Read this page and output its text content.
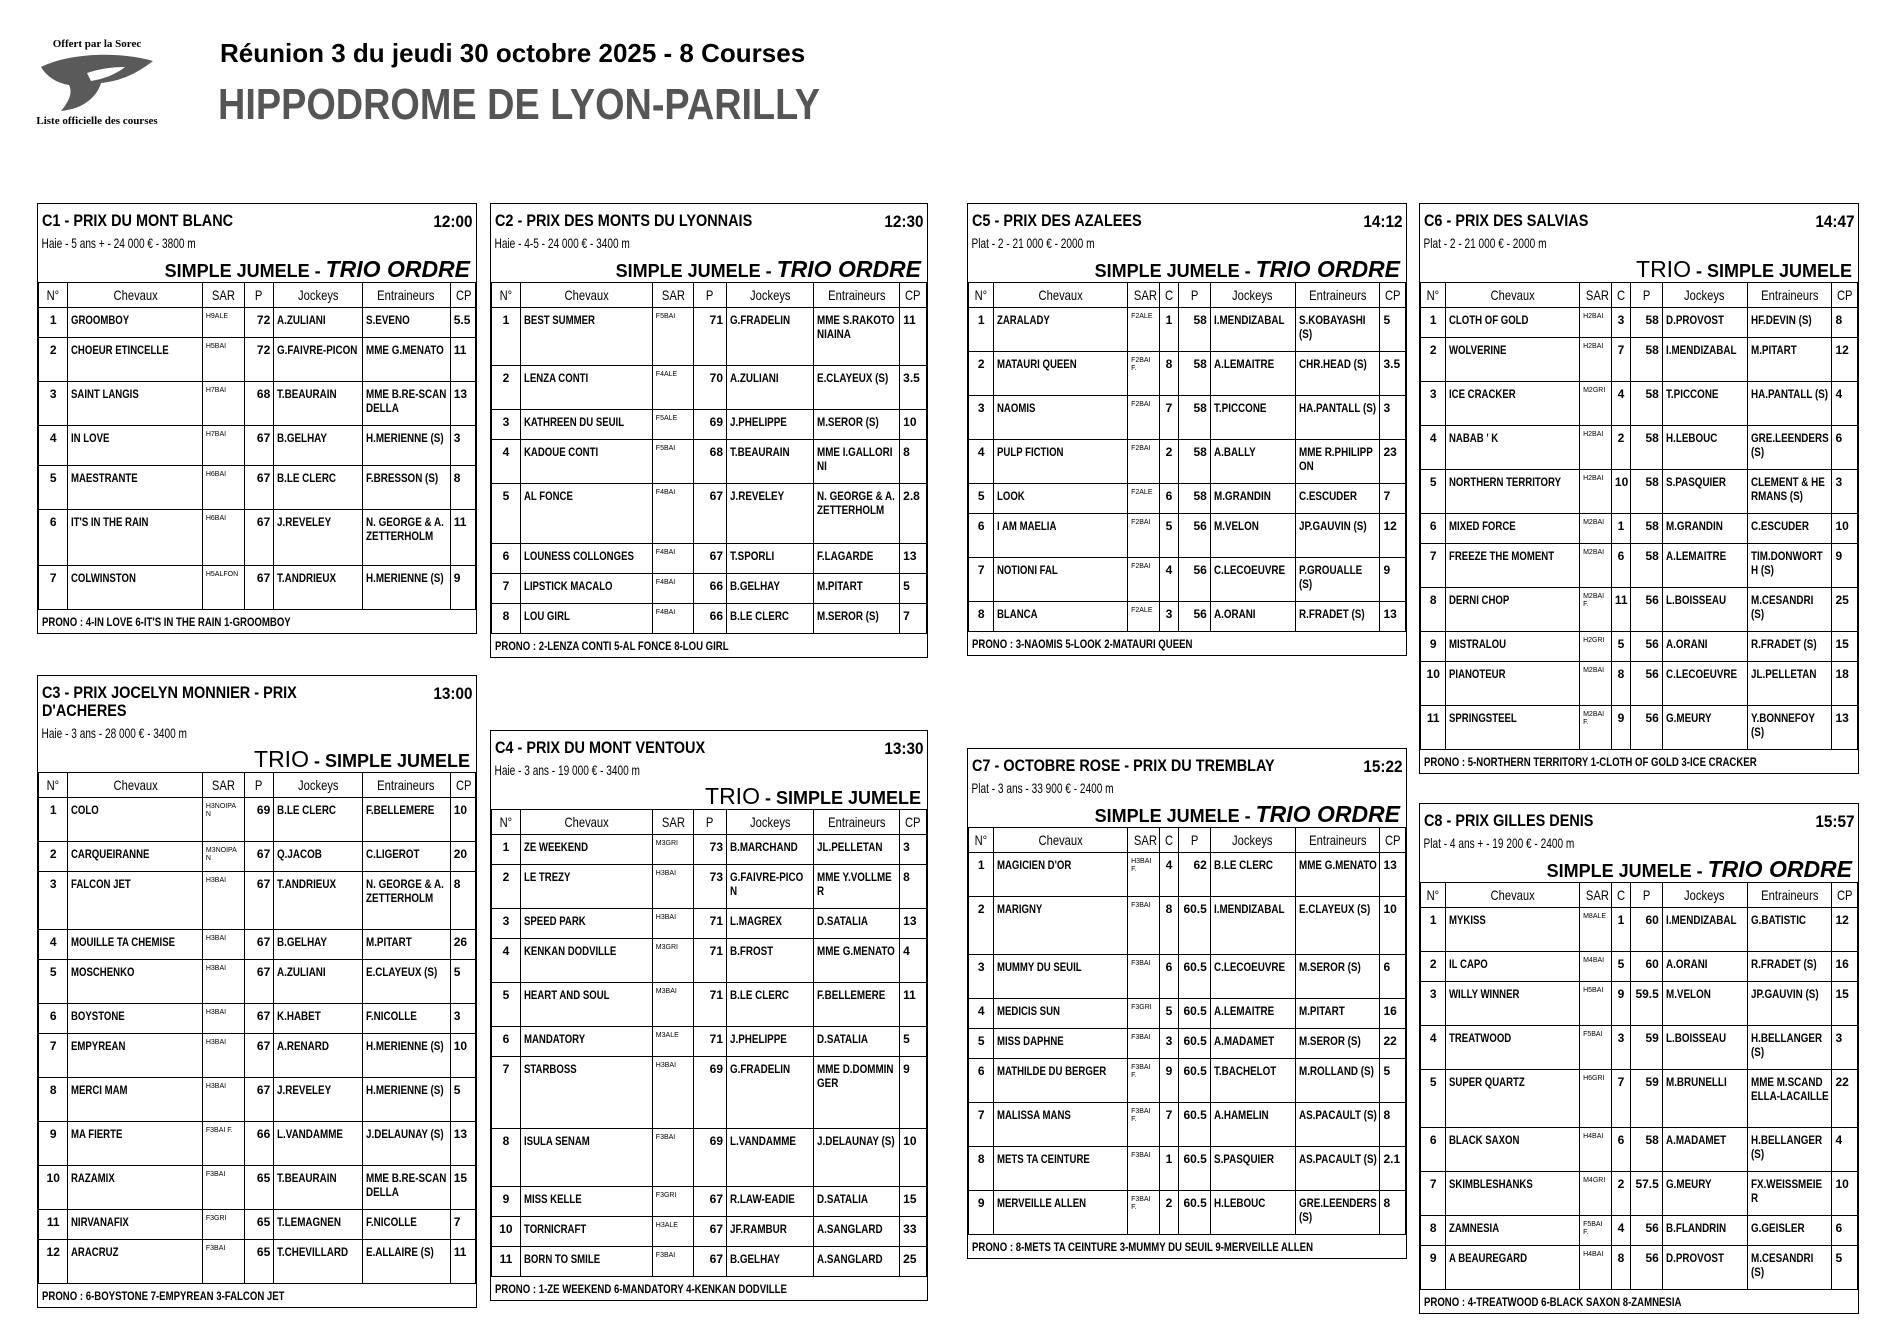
Offert par la Sorec
Liste officielle des courses
Réunion 3 du jeudi 30 octobre 2025 - 8 Courses
HIPPODROME DE LYON-PARILLY
C1 - PRIX DU MONT BLANC	12:00
Haie - 5 ans + - 24 000 € - 3800 m
SIMPLE JUMELE - TRIO ORDRE
N°	Chevaux	SAR	P	Jockeys	Entraineurs	CP
1	GROOMBOY	H9ALE	72	A.ZULIANI	S.EVENO	5.5
2	CHOEUR ETINCELLE	H5BAI	72	G.FAIVRE-PICON	MME G.MENATO	11
3	SAINT LANGIS	H7BAI	68	T.BEAURAIN	MME B.RE-SCANDELLA	13
4	IN LOVE	H7BAI	67	B.GELHAY	H.MERIENNE (S)	3
5	MAESTRANTE	H6BAI	67	B.LE CLERC	F.BRESSON (S)	8
6	IT'S IN THE RAIN	H6BAI	67	J.REVELEY	N. GEORGE & A. ZETTERHOLM	11
7	COLWINSTON	H5ALFON	67	T.ANDRIEUX	H.MERIENNE (S)	9
PRONO : 4-IN LOVE 6-IT'S IN THE RAIN 1-GROOMBOY
C2 - PRIX DES MONTS DU LYONNAIS	12:30
Haie - 4-5 - 24 000 € - 3400 m
SIMPLE JUMELE - TRIO ORDRE
N°	Chevaux	SAR	P	Jockeys	Entraineurs	CP
1	BEST SUMMER	F5BAI	71	G.FRADELIN	MME S.RAKOTONIAINA	11
2	LENZA CONTI	F4ALE	70	A.ZULIANI	E.CLAYEUX (S)	3.5
3	KATHREEN DU SEUIL	F5ALE	69	J.PHELIPPE	M.SEROR (S)	10
4	KADOUE CONTI	F5BAI	68	T.BEAURAIN	MME I.GALLORINI	8
5	AL FONCE	F4BAI	67	J.REVELEY	N. GEORGE & A. ZETTERHOLM	2.8
6	LOUNESS COLLONGES	F4BAI	67	T.SPORLI	F.LAGARDE	13
7	LIPSTICK MACALO	F4BAI	66	B.GELHAY	M.PITART	5
8	LOU GIRL	F4BAI	66	B.LE CLERC	M.SEROR (S)	7
PRONO : 2-LENZA CONTI 5-AL FONCE 8-LOU GIRL
C3 - PRIX JOCELYN MONNIER - PRIX D'ACHERES
13:00
Haie - 3 ans - 28 000 € - 3400 m
TRIO - SIMPLE JUMELE
N°	Chevaux	SAR	P	Jockeys	Entraineurs	CP
1	COLO	H3NOIPAN	69	B.LE CLERC	F.BELLEMERE	10
2	CARQUEIRANNE	M3NOIPAN	67	Q.JACOB	C.LIGEROT	20
3	FALCON JET	H3BAI	67	T.ANDRIEUX	N. GEORGE & A. ZETTERHOLM	8
4	MOUILLE TA CHEMISE	H3BAI	67	B.GELHAY	M.PITART	26
5	MOSCHENKO	H3BAI	67	A.ZULIANI	E.CLAYEUX (S)	5
6	BOYSTONE	H3BAI	67	K.HABET	F.NICOLLE	3
7	EMPYREAN	H3BAI	67	A.RENARD	H.MERIENNE (S)	10
8	MERCI MAM	H3BAI	67	J.REVELEY	H.MERIENNE (S)	5
9	MA FIERTE	F3BAI F.	66	L.VANDAMME	J.DELAUNAY (S)	13
10	RAZAMIX	F3BAI	65	T.BEAURAIN	MME B.RE-SCANDELLA	15
11	NIRVANAFIX	F3GRI	65	T.LEMAGNEN	F.NICOLLE	7
12	ARACRUZ	F3BAI	65	T.CHEVILLARD	E.ALLAIRE (S)	11
PRONO : 6-BOYSTONE 7-EMPYREAN 3-FALCON JET
C4 - PRIX DU MONT VENTOUX	13:30
Haie - 3 ans - 19 000 € - 3400 m
TRIO - SIMPLE JUMELE
N°	Chevaux	SAR	P	Jockeys	Entraineurs	CP
1	ZE WEEKEND	M3GRI	73	B.MARCHAND	JL.PELLETAN	3
2	LE TREZY	H3BAI	73	G.FAIVRE-PICON	MME Y.VOLLMER	8
3	SPEED PARK	H3BAI	71	L.MAGREX	D.SATALIA	13
4	KENKAN DODVILLE	M3GRI	71	B.FROST	MME G.MENATO	4
5	HEART AND SOUL	M3BAI	71	B.LE CLERC	F.BELLEMERE	11
6	MANDATORY	M3ALE	71	J.PHELIPPE	D.SATALIA	5
7	STARBOSS	H3BAI	69	G.FRADELIN	MME D.DOMMINGER	9
8	ISULA SENAM	F3BAI	69	L.VANDAMME	J.DELAUNAY (S)	10
9	MISS KELLE	F3GRI	67	R.LAW-EADIE	D.SATALIA	15
10	TORNICRAFT	H3ALE	67	JF.RAMBUR	A.SANGLARD	33
11	BORN TO SMILE	F3BAI	67	B.GELHAY	A.SANGLARD	25
PRONO : 1-ZE WEEKEND 6-MANDATORY 4-KENKAN DODVILLE
C5 - PRIX DES AZALEES	14:12
Plat - 2 - 21 000 € - 2000 m
SIMPLE JUMELE - TRIO ORDRE
N°	Chevaux	SAR	C	P	Jockeys	Entraineurs	CP
1	ZARALADY	F2ALE	1	58	I.MENDIZABAL	S.KOBAYASHI (S)	5
2	MATAURI QUEEN	F2BAI F.	8	58	A.LEMAITRE	CHR.HEAD (S)	3.5
3	NAOMIS	F2BAI	7	58	T.PICCONE	HA.PANTALL (S)	3
4	PULP FICTION	F2BAI	2	58	A.BALLY	MME R.PHILIPPON	23
5	LOOK	F2ALE	6	58	M.GRANDIN	C.ESCUDER	7
6	I AM MAELIA	F2BAI	5	56	M.VELON	JP.GAUVIN (S)	12
7	NOTIONI FAL	F2BAI	4	56	C.LECOEUVRE	P.GROUALLE (S)	9
8	BLANCA	F2ALE	3	56	A.ORANI	R.FRADET (S)	13
PRONO : 3-NAOMIS 5-LOOK 2-MATAURI QUEEN
C6 - PRIX DES SALVIAS	14:47
Plat - 2 - 21 000 € - 2000 m
TRIO - SIMPLE JUMELE
N°	Chevaux	SAR	C	P	Jockeys	Entraineurs	CP
1	CLOTH OF GOLD	H2BAI	3	58	D.PROVOST	HF.DEVIN (S)	8
2	WOLVERINE	H2BAI	7	58	I.MENDIZABAL	M.PITART	12
3	ICE CRACKER	M2GRI	4	58	T.PICCONE	HA.PANTALL (S)	4
4	NABAB ' K	H2BAI	2	58	H.LEBOUC	GRE.LEENDERS (S)	6
5	NORTHERN TERRITORY	H2BAI	10	58	S.PASQUIER	CLEMENT & HERMANS (S)	3
6	MIXED FORCE	M2BAI	1	58	M.GRANDIN	C.ESCUDER	10
7	FREEZE THE MOMENT	M2BAI	6	58	A.LEMAITRE	TIM.DONWORTH (S)	9
8	DERNI CHOP	M2BAI F.	11	56	L.BOISSEAU	M.CESANDRI (S)	25
9	MISTRALOU	H2GRI	5	56	A.ORANI	R.FRADET (S)	15
10	PIANOTEUR	M2BAI	8	56	C.LECOEUVRE	JL.PELLETAN	18
11	SPRINGSTEEL	M2BAI F.	9	56	G.MEURY	Y.BONNEFOY (S)	13
PRONO : 5-NORTHERN TERRITORY 1-CLOTH OF GOLD 3-ICE CRACKER
C7 - OCTOBRE ROSE - PRIX DU TREMBLAY	15:22
Plat - 3 ans - 33 900 € - 2400 m
SIMPLE JUMELE - TRIO ORDRE
N°	Chevaux	SAR	C	P	Jockeys	Entraineurs	CP
1	MAGICIEN D'OR	H3BAI F.	4	62	B.LE CLERC	MME G.MENATO	13
2	MARIGNY	F3BAI	8	60.5	I.MENDIZABAL	E.CLAYEUX (S)	10
3	MUMMY DU SEUIL	F3BAI	6	60.5	C.LECOEUVRE	M.SEROR (S)	6
4	MEDICIS SUN	F3GRI	5	60.5	A.LEMAITRE	M.PITART	16
5	MISS DAPHNE	F3BAI	3	60.5	A.MADAMET	M.SEROR (S)	22
6	MATHILDE DU BERGER	F3BAI F.	9	60.5	T.BACHELOT	M.ROLLAND (S)	5
7	MALISSA MANS	F3BAI F.	7	60.5	A.HAMELIN	AS.PACAULT (S)	8
8	METS TA CEINTURE	F3BAI	1	60.5	S.PASQUIER	AS.PACAULT (S)	2.1
9	MERVEILLE ALLEN	F3BAI F.	2	60.5	H.LEBOUC	GRE.LEENDERS (S)	8
PRONO : 8-METS TA CEINTURE 3-MUMMY DU SEUIL 9-MERVEILLE ALLEN
C8 - PRIX GILLES DENIS	15:57
Plat - 4 ans + - 19 200 € - 2400 m
SIMPLE JUMELE - TRIO ORDRE
N°	Chevaux	SAR	C	P	Jockeys	Entraineurs	CP
1	MYKISS	M8ALE	1	60	I.MENDIZABAL	G.BATISTIC	12
2	IL CAPO	M4BAI	5	60	A.ORANI	R.FRADET (S)	16
3	WILLY WINNER	H5BAI	9	59.5	M.VELON	JP.GAUVIN (S)	15
4	TREATWOOD	F5BAI	3	59	L.BOISSEAU	H.BELLANGER (S)	3
5	SUPER QUARTZ	H6GRI	7	59	M.BRUNELLI	MME M.SCANDELLA-LACAILLE	22
6	BLACK SAXON	H4BAI	6	58	A.MADAMET	H.BELLANGER (S)	4
7	SKIMBLESHANKS	M4GRI	2	57.5	G.MEURY	FX.WEISSMEIER	10
8	ZAMNESIA	F5BAI F.	4	56	B.FLANDRIN	G.GEISLER	6
9	A BEAUREGARD	H4BAI	8	56	D.PROVOST	M.CESANDRI (S)	5
PRONO : 4-TREATWOOD 6-BLACK SAXON 8-ZAMNESIA
